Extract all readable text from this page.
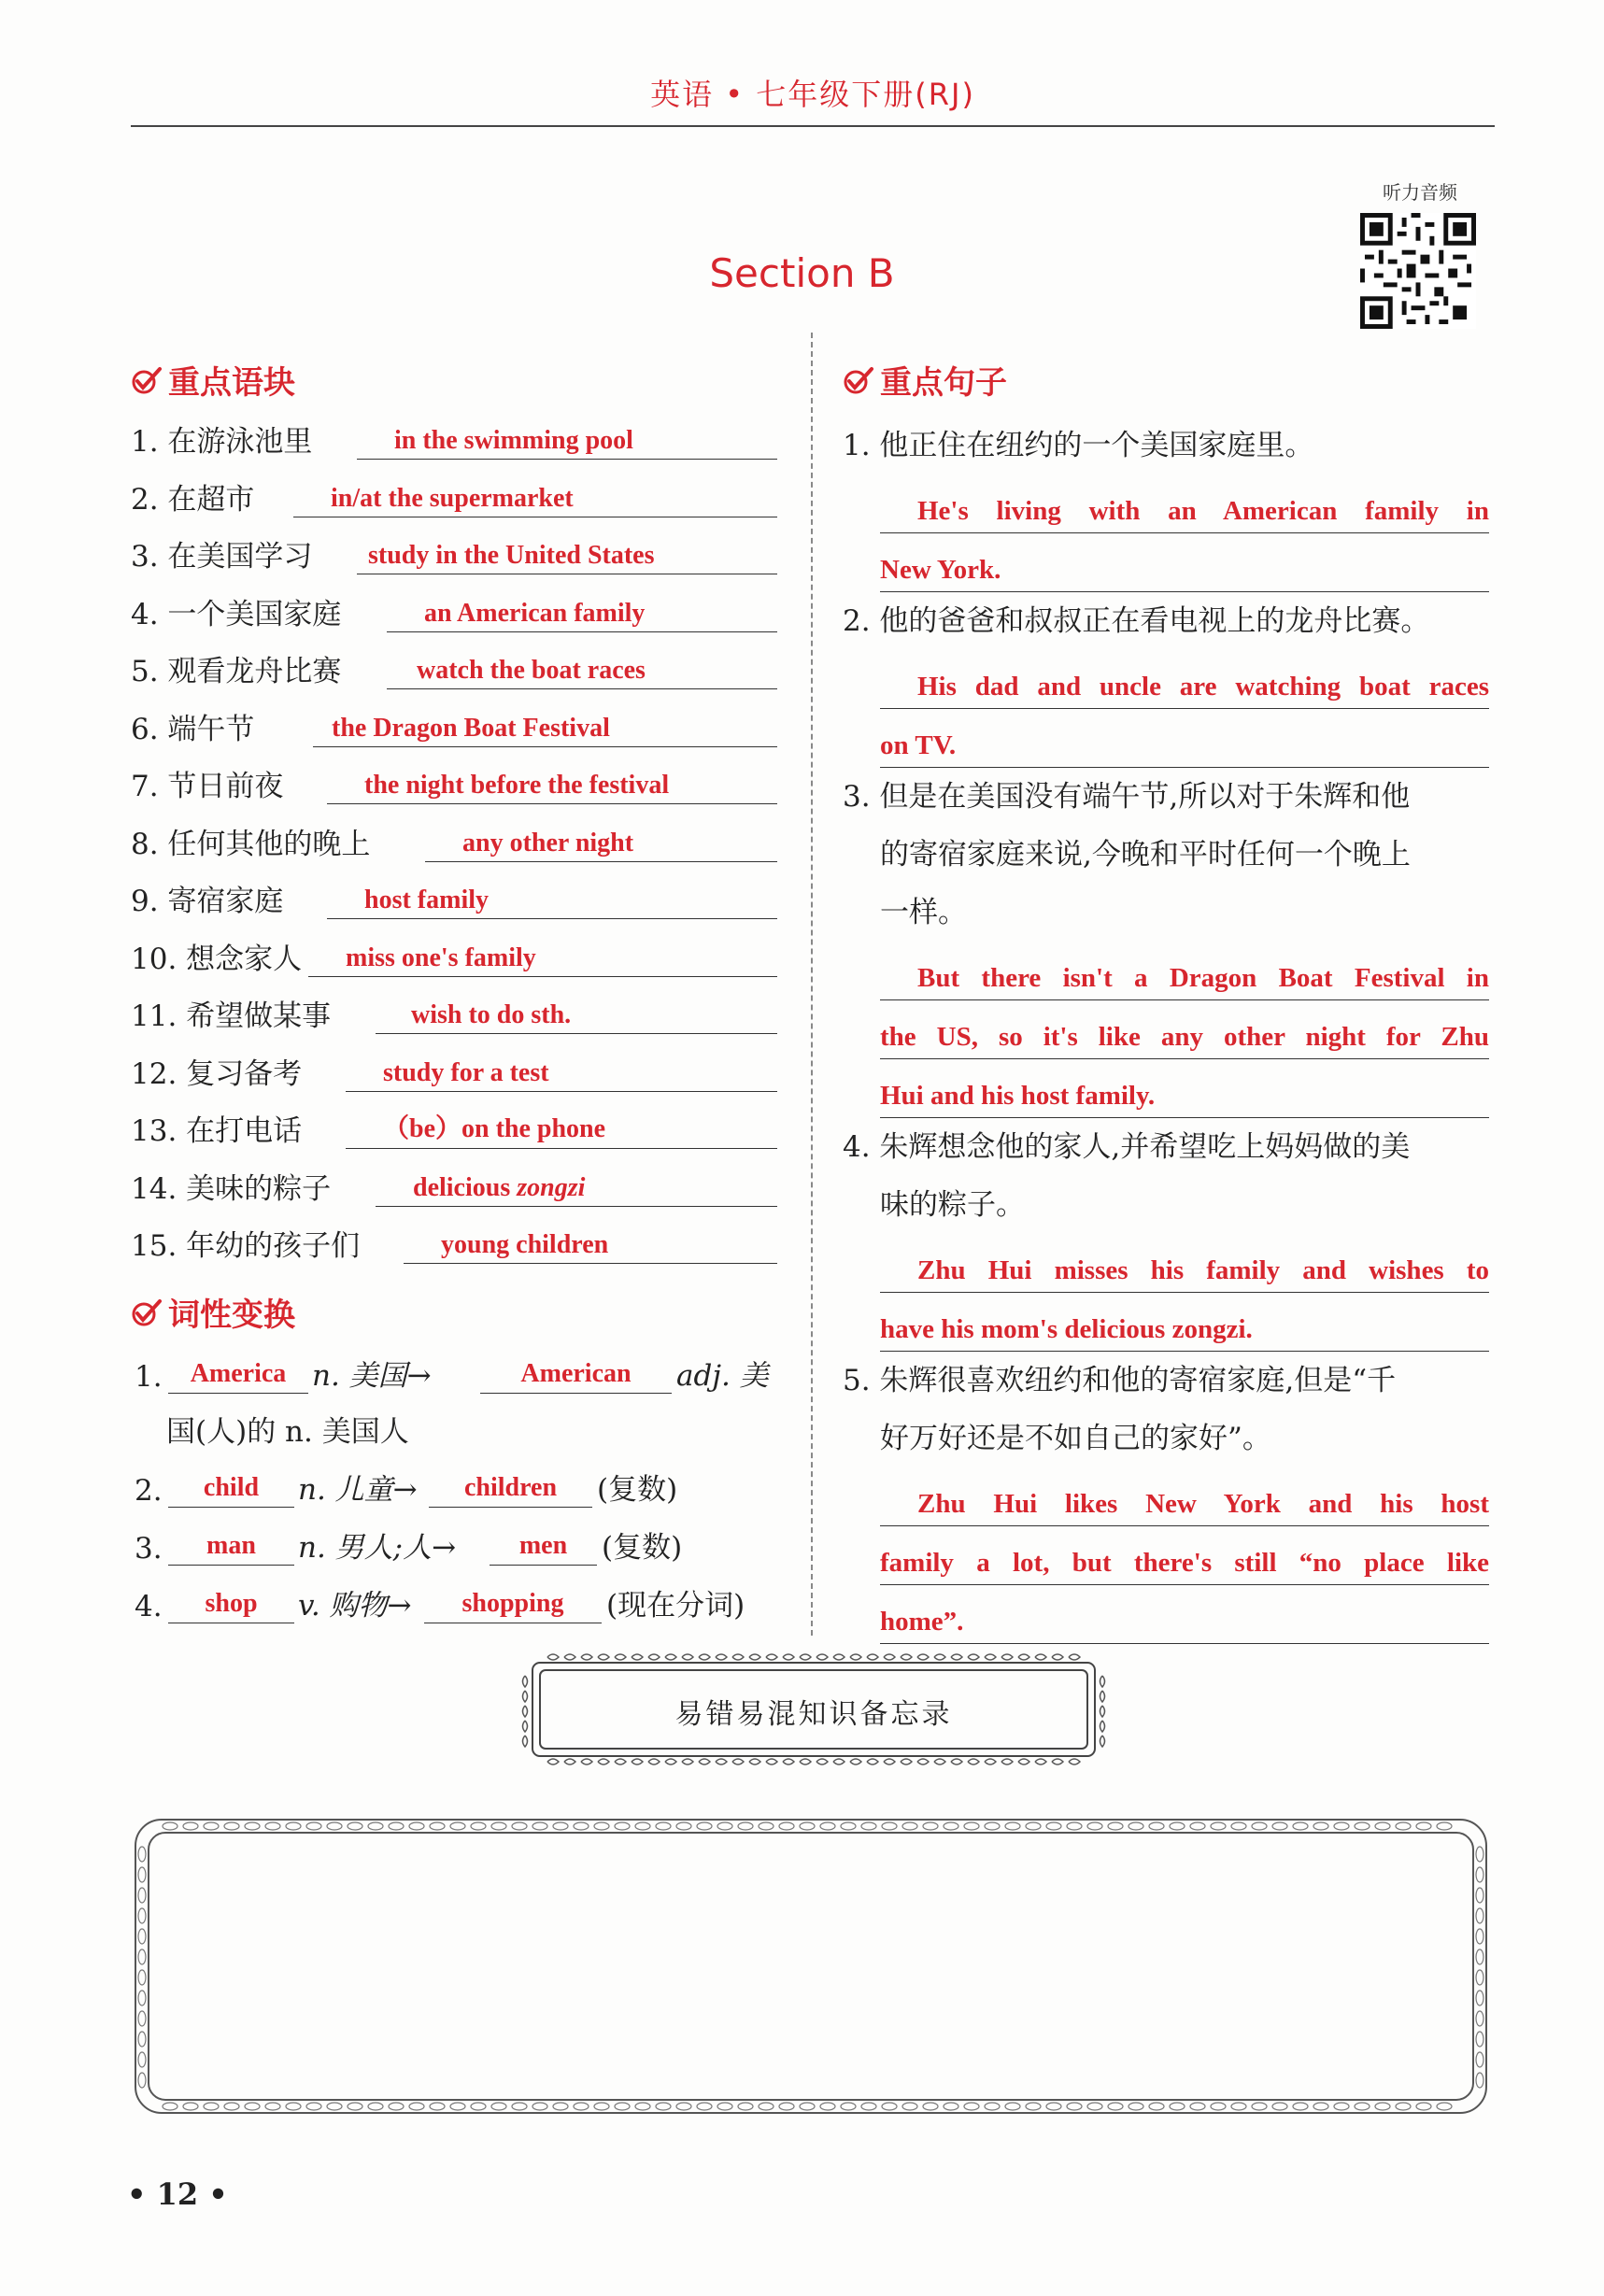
英语 • 七年级下册(RJ)
听力音频
Section B
重点语块
1. 在游泳池里	in the swimming pool
2. 在超市	in/at the supermarket
3. 在美国学习 study in the United States
4. 一个美国家庭	an American family
5. 观看龙舟比赛	watch the boat races
6. 端午节	the Dragon Boat Festival
7. 节日前夜	the night before the festival
8. 任何其他的晚上	any other night
9. 寄宿家庭	host family
10. 想念家人 miss one's family
11. 希望做某事	wish to do sth.
12. 复习备考	study for a test
13. 在打电话	（be）on the phone
14. 美味的粽子	delicious zongzi
15. 年幼的孩子们	young children
词性变换
1.	America n. 美国→	American	adj. 美
国(人)的 n. 美国人
2.	child	n. 儿童→	children	(复数)
3.	man	n. 男人;人→	men	(复数)
4.	shop	v. 购物→	shopping	(现在分词)
重点句子
1. 他正住在纽约的一个美国家庭里。
He's living with an American family in
New York.
2. 他的爸爸和叔叔正在看电视上的龙舟比赛。
His dad and uncle are watching boat races
on TV.
3. 但是在美国没有端午节,所以对于朱辉和他
的寄宿家庭来说,今晚和平时任何一个晚上
一样。
But there isn't a Dragon Boat Festival in
the US, so it's like any other night for Zhu
Hui and his host family.
4. 朱辉想念他的家人,并希望吃上妈妈做的美
味的粽子。
Zhu Hui misses his family and wishes to
have his mom's delicious zongzi.
5. 朱辉很喜欢纽约和他的寄宿家庭,但是“千
好万好还是不如自己的家好”。
Zhu Hui likes New York and his host
family a lot, but there's still “no place like
home”.
易错易混知识备忘录
• 12 •
